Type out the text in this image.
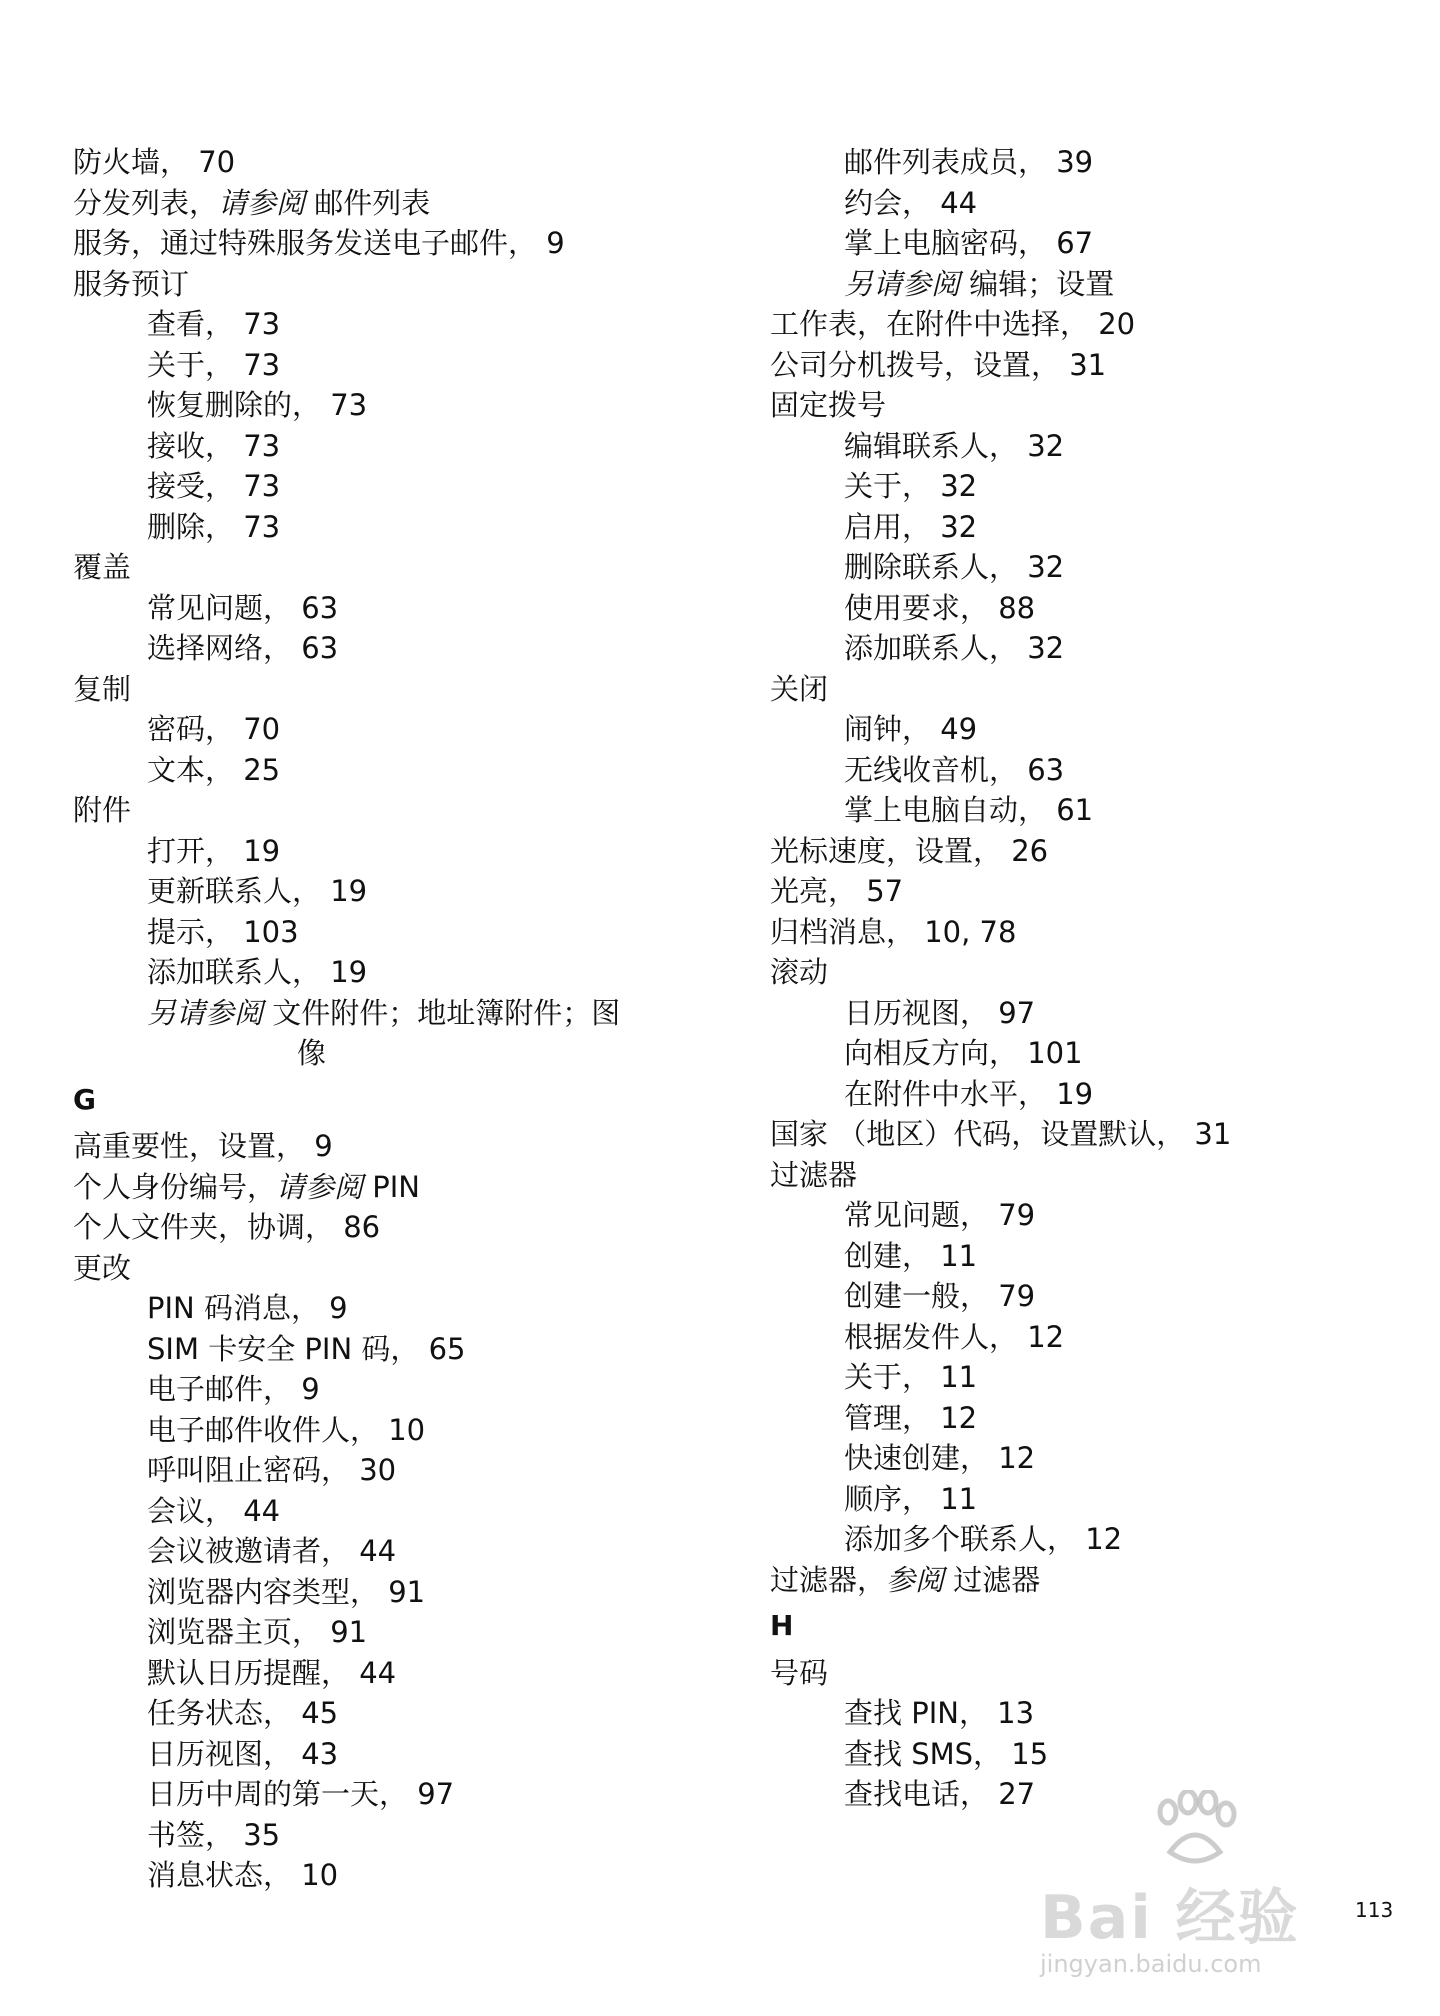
防火墙， 70
分发列表，请参阅 邮件列表
服务，通过特殊服务发送电子邮件， 9
服务预订
查看， 73
关于， 73
恢复删除的， 73
接收， 73
接受， 73
删除， 73
覆盖
常见问题， 63
选择网络， 63
复制
密码， 70
文本， 25
附件
打开， 19
更新联系人， 19
提示， 103
添加联系人， 19
另请参阅 文件附件；地址簿附件；图
像
G
高重要性，设置， 9
个人身份编号，请参阅 PIN
个人文件夹，协调， 86
更改
PIN 码消息， 9
SIM 卡安全 PIN 码， 65
电子邮件， 9
电子邮件收件人， 10
呼叫阻止密码， 30
会议， 44
会议被邀请者， 44
浏览器内容类型， 91
浏览器主页， 91
默认日历提醒， 44
任务状态， 45
日历视图， 43
日历中周的第一天， 97
书签， 35
消息状态， 10
邮件列表成员， 39
约会， 44
掌上电脑密码， 67
另请参阅 编辑；设置
工作表，在附件中选择， 20
公司分机拨号，设置， 31
固定拨号
编辑联系人， 32
关于， 32
启用， 32
删除联系人， 32
使用要求， 88
添加联系人， 32
关闭
闹钟， 49
无线收音机， 63
掌上电脑自动， 61
光标速度，设置， 26
光亮， 57
归档消息， 10, 78
滚动
日历视图， 97
向相反方向， 101
在附件中水平， 19
国家 （地区）代码，设置默认， 31
过滤器
常见问题， 79
创建， 11
创建一般， 79
根据发件人， 12
关于， 11
管理， 12
快速创建， 12
顺序， 11
添加多个联系人， 12
过滤器，参阅 过滤器
H
号码
查找 PIN， 13
查找 SMS， 15
查找电话， 27
113
Bai 经验
jingyan.baidu.com
